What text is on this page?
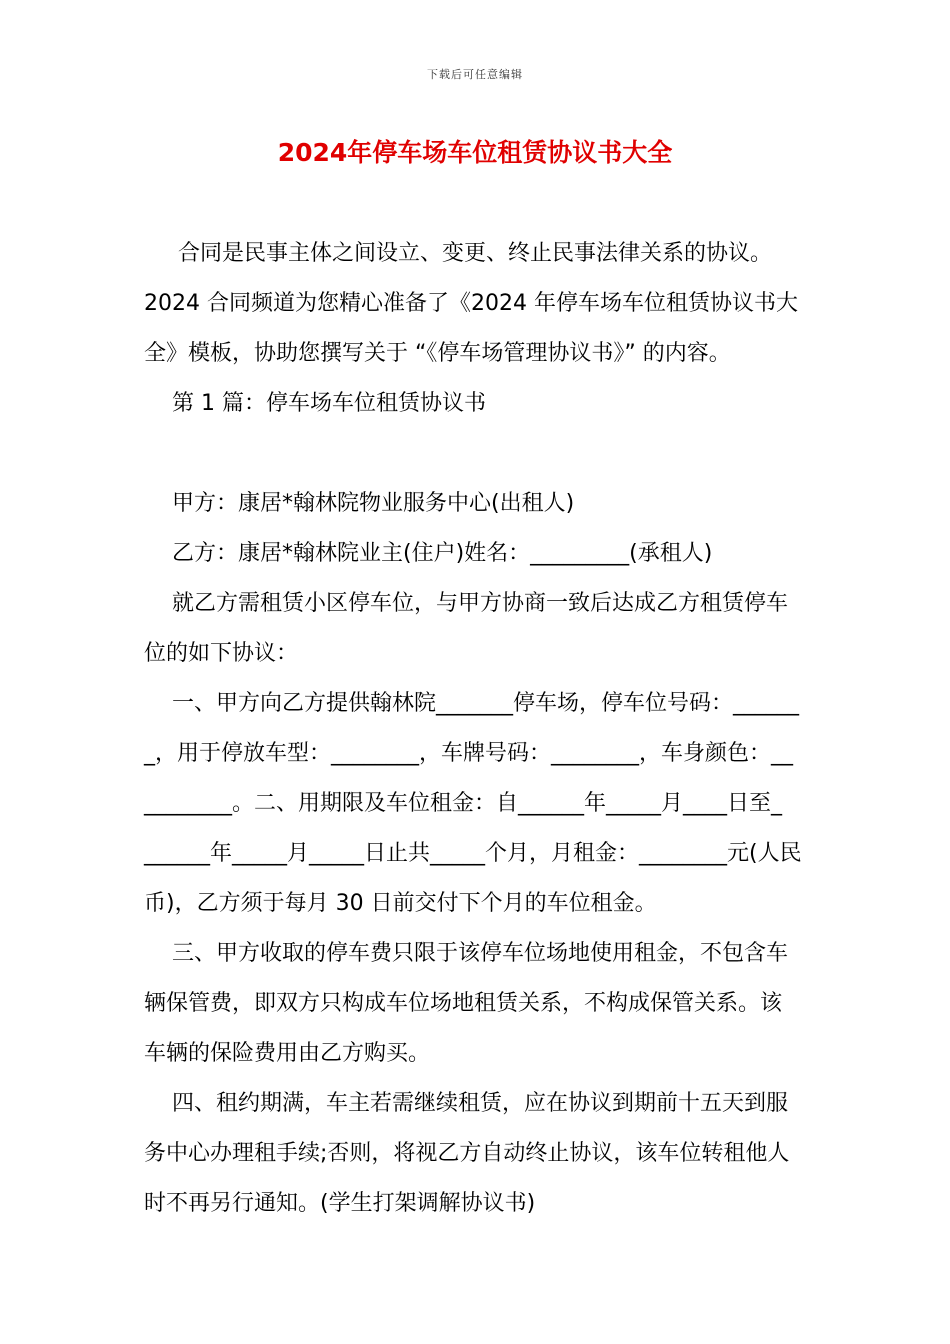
下载后可任意编辑
2024年停车场车位租赁协议书大全
合同是民事主体之间设立、变更、终止民事法律关系的协议。
2024 合同频道为您精心准备了《2024 年停车场车位租赁协议书大
全》模板，协助您撰写关于 “《停车场管理协议书》” 的内容。
第 1 篇：停车场车位租赁协议书
甲方：康居*翰林院物业服务中心(出租人)
乙方：康居*翰林院业主(住户)姓名：_________(承租人)
就乙方需租赁小区停车位，与甲方协商一致后达成乙方租赁停车
位的如下协议：
一、甲方向乙方提供翰林院_______停车场，停车位号码：______
_，用于停放车型：________，车牌号码：________，车身颜色：__
________。二、用期限及车位租金：自______年_____月____日至_
______年_____月_____日止共_____个月，月租金：________元(人民
币)，乙方须于每月 30 日前交付下个月的车位租金。
三、甲方收取的停车费只限于该停车位场地使用租金，不包含车
辆保管费，即双方只构成车位场地租赁关系，不构成保管关系。该
车辆的保险费用由乙方购买。
四、租约期满，车主若需继续租赁，应在协议到期前十五天到服
务中心办理租手续;否则，将视乙方自动终止协议，该车位转租他人
时不再另行通知。(学生打架调解协议书)
